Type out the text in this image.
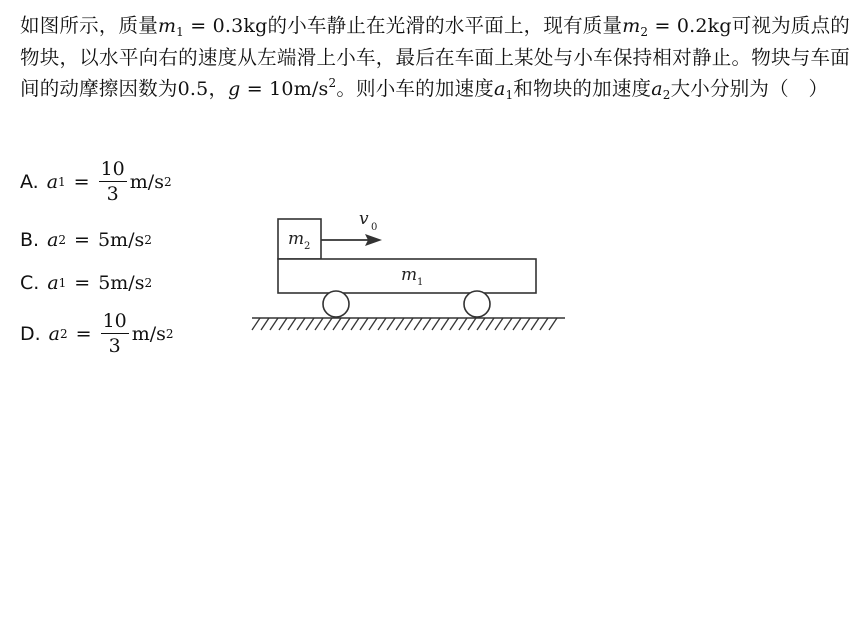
如图所示，质量$m_1 = 0.3kg$的小车静止在光滑的水平面上，现有质量$m_2 = 0.2kg$可视为质点的物块，以水平向右的速度从左端滑上小车，最后在车面上某处与小车保持相对静止。物块与车面间的动摩擦因数为0.5，$g = 10m/s^2$。则小车的加速度$a_1$和物块的加速度$a_2$大小分别为（　）
A. a $1 = \frac{10}{3} m/s$ 2
B. a 2 = 5m/s 2
C. a 1 = 5m/s 2
D. a $2 = \frac{10}{3} m/s$ 2
m 2
v 0
m 1
